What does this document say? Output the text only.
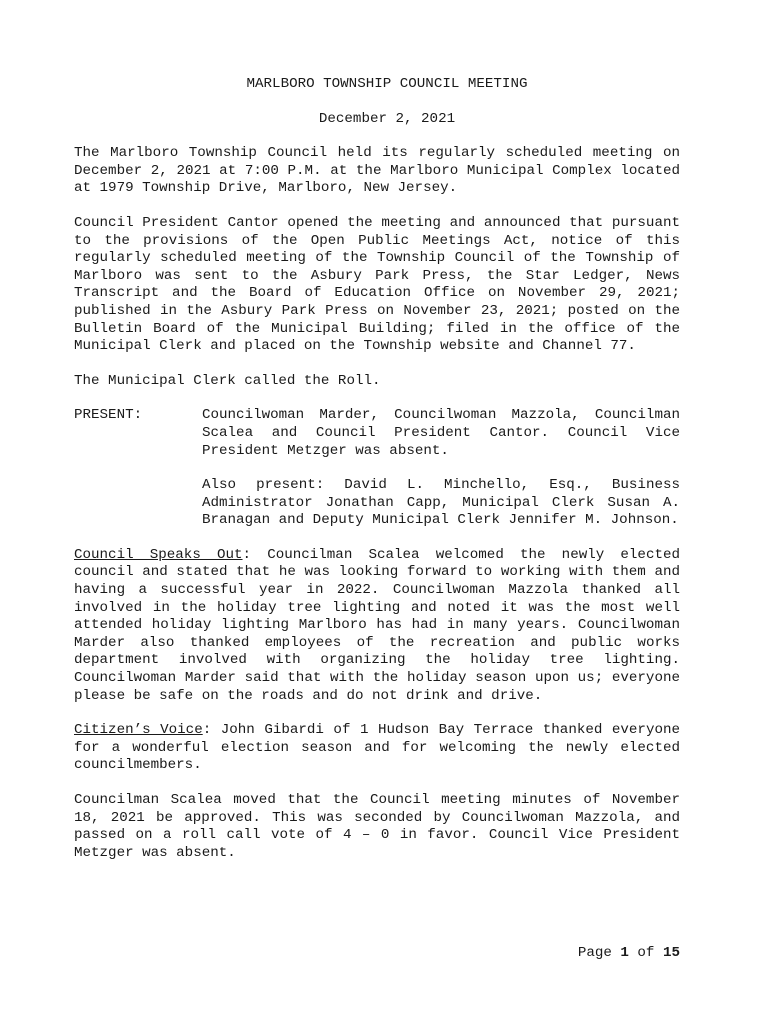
MARLBORO TOWNSHIP COUNCIL MEETING

December 2, 2021

The Marlboro Township Council held its regularly scheduled meeting on December 2, 2021 at 7:00 P.M. at the Marlboro Municipal Complex located at 1979 Township Drive, Marlboro, New Jersey.

Council President Cantor opened the meeting and announced that pursuant to the provisions of the Open Public Meetings Act, notice of this regularly scheduled meeting of the Township Council of the Township of Marlboro was sent to the Asbury Park Press, the Star Ledger, News Transcript and the Board of Education Office on November 29, 2021; published in the Asbury Park Press on November 23, 2021; posted on the Bulletin Board of the Municipal Building; filed in the office of the Municipal Clerk and placed on the Township website and Channel 77.

The Municipal Clerk called the Roll.

PRESENT:	Councilwoman Marder, Councilwoman Mazzola, Councilman Scalea and Council President Cantor. Council Vice President Metzger was absent.
Also present: David L. Minchello, Esq., Business Administrator Jonathan Capp, Municipal Clerk Susan A. Branagan and Deputy Municipal Clerk Jennifer M. Johnson.

Council Speaks Out: Councilman Scalea welcomed the newly elected council and stated that he was looking forward to working with them and having a successful year in 2022. Councilwoman Mazzola thanked all involved in the holiday tree lighting and noted it was the most well attended holiday lighting Marlboro has had in many years. Councilwoman Marder also thanked employees of the recreation and public works department involved with organizing the holiday tree lighting. Councilwoman Marder said that with the holiday season upon us; everyone please be safe on the roads and do not drink and drive.

Citizen’s Voice: John Gibardi of 1 Hudson Bay Terrace thanked everyone for a wonderful election season and for welcoming the newly elected councilmembers.

Councilman Scalea moved that the Council meeting minutes of November 18, 2021 be approved. This was seconded by Councilwoman Mazzola, and passed on a roll call vote of 4 – 0 in favor. Council Vice President Metzger was absent.

Page 1 of 15
